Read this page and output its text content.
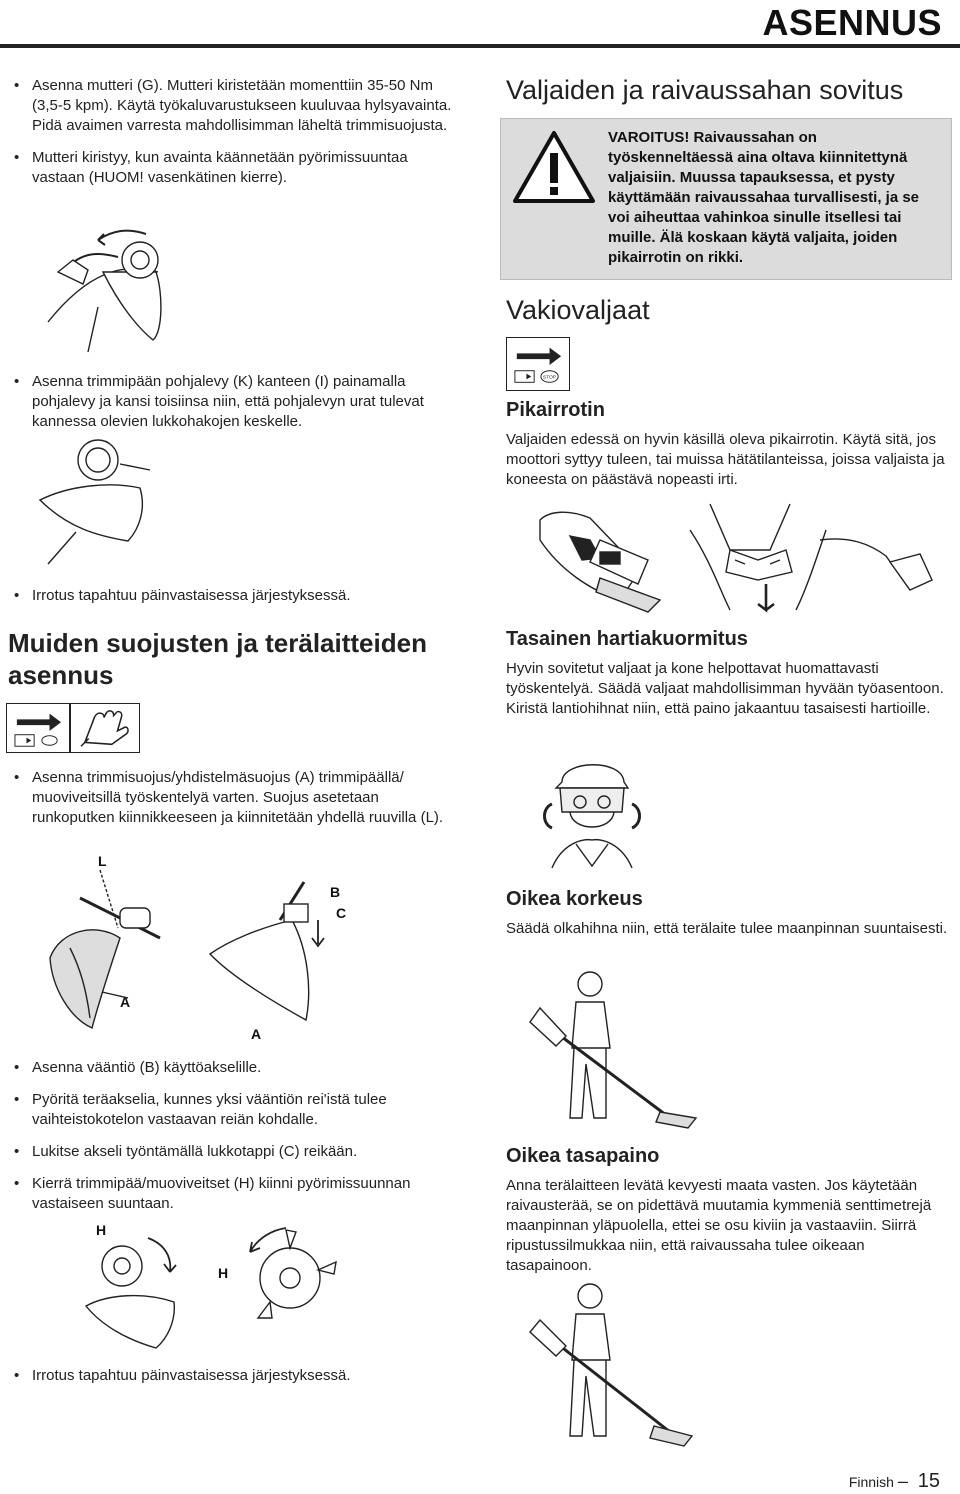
ASENNUS
• Asenna mutteri (G). Mutteri kiristetään momenttiin 35-50 Nm (3,5-5 kpm). Käytä työkaluvarustukseen kuuluvaa hylsyavainta. Pidä avaimen varresta mahdollisimman läheltä trimmisuojusta.
• Mutteri kiristyy, kun avainta käännetään pyörimissuuntaa vastaan (HUOM! vasenkätinen kierre).
• Asenna trimmipään pohjalevy (K) kanteen (I) painamalla pohjalevy ja kansi toisiinsa niin, että pohjalevyn urat tulevat kannessa olevien lukkohakojen keskelle.
• Irrotus tapahtuu päinvastaisessa järjestyksessä.
Muiden suojusten ja terälaitteiden asennus
• Asenna trimmisuojus/yhdistelmäsuojus (A) trimmipäällä/ muoviveitsillä työskentelyä varten. Suojus asetetaan runkoputken kiinnikkeeseen ja kiinnitetään yhdellä ruuvilla (L).
L
B
C
A
A
• Asenna vääntiö (B) käyttöakselille.
• Pyöritä teräakselia, kunnes yksi vääntiön rei'istä tulee vaihteistokotelon vastaavan reiän kohdalle.
• Lukitse akseli työntämällä lukkotappi (C) reikään.
• Kierrä trimmipää/muoviveitset (H) kiinni pyörimissuunnan vastaiseen suuntaan.
H
H
• Irrotus tapahtuu päinvastaisessa järjestyksessä.
Valjaiden ja raivaussahan sovitus
VAROITUS! Raivaussahan on työskenneltäessä aina oltava kiinnitettynä valjaisiin. Muussa tapauksessa, et pysty käyttämään raivaussahaa turvallisesti, ja se voi aiheuttaa vahinkoa sinulle itsellesi tai muille. Älä koskaan käytä valjaita, joiden pikairrotin on rikki.
Vakiovaljaat
STOP
Pikairrotin
Valjaiden edessä on hyvin käsillä oleva pikairrotin. Käytä sitä, jos moottori syttyy tuleen, tai muissa hätätilanteissa, joissa valjaista ja koneesta on päästävä nopeasti irti.
Tasainen hartiakuormitus
Hyvin sovitetut valjaat ja kone helpottavat huomattavasti työskentelyä. Säädä valjaat mahdollisimman hyvään työasentoon. Kiristä lantiohihnat niin, että paino jakaantuu tasaisesti hartioille.
Oikea korkeus
Säädä olkahihna niin, että terälaite tulee maanpinnan suuntaisesti.
Oikea tasapaino
Anna terälaitteen levätä kevyesti maata vasten. Jos käytetään raivausterää, se on pidettävä muutamia kymmeniä senttimetrejä maanpinnan yläpuolella, ettei se osu kiviin ja vastaaviin. Siirrä ripustussilmukkaa niin, että raivaussaha tulee oikeaan tasapainoon.
Finnish – 15
